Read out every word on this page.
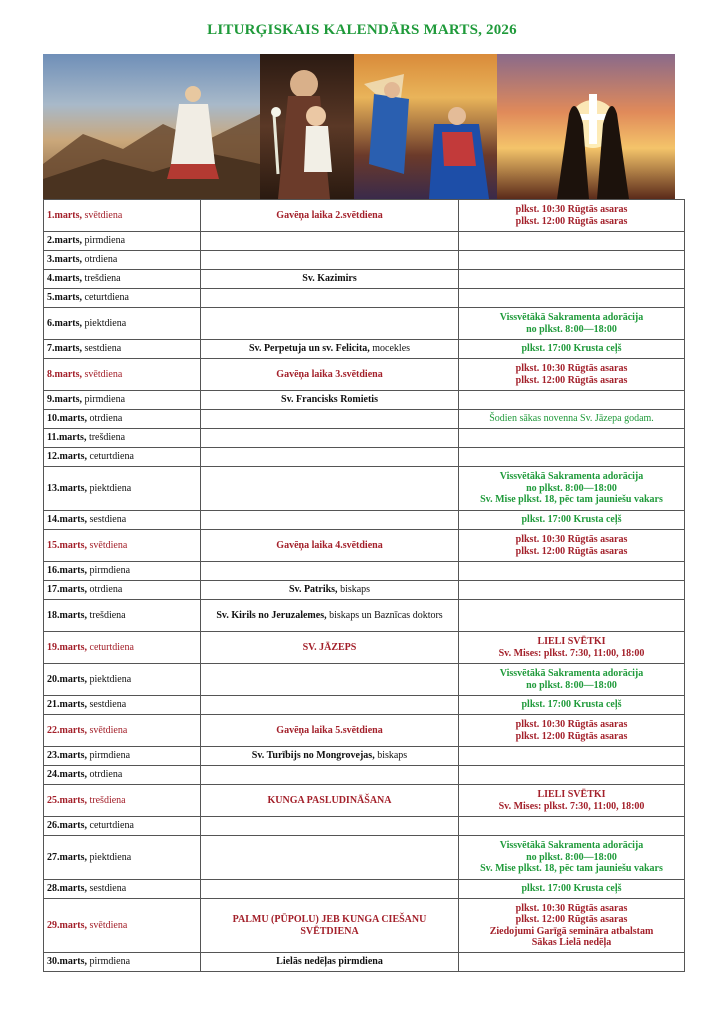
LITURĢISKAIS KALENDĀRS MARTS, 2026
1.marts, svētdiena	Gavēņa laika 2.svētdiena	plkst. 10:30 Rūgtās asaras
plkst. 12:00 Rūgtās asaras

2.marts, pirmdiena		
3.marts, otrdiena		
4.marts, trešdiena	Sv. Kazimirs	
5.marts, ceturtdiena		
6.marts, piektdiena		Vissvētākā Sakramenta adorācija
no plkst. 8:00—18:00

7.marts, sestdiena	Sv. Perpetuja un sv. Felicita, mocekles	plkst. 17:00 Krusta ceļš

8.marts, svētdiena	Gavēņa laika 3.svētdiena	plkst. 10:30 Rūgtās asaras
plkst. 12:00 Rūgtās asaras

9.marts, pirmdiena	Sv. Francisks Romietis	
10.marts, otrdiena		Šodien sākas novenna Sv. Jāzepa godam.

11.marts, trešdiena		
12.marts, ceturtdiena		
13.marts, piektdiena		Vissvētākā Sakramenta adorācija
no plkst. 8:00—18:00
Sv. Mise plkst. 18, pēc tam jauniešu vakars

14.marts, sestdiena		plkst. 17:00 Krusta ceļš

15.marts, svētdiena	Gavēņa laika 4.svētdiena	plkst. 10:30 Rūgtās asaras
plkst. 12:00 Rūgtās asaras

16.marts, pirmdiena		
17.marts, otrdiena	Sv. Patriks, biskaps	
18.marts, trešdiena	Sv. Kirils no Jeruzalemes, biskaps un Baznīcas doktors	
19.marts, ceturtdiena	SV. JĀZEPS	LIELI SVĒTKI
Sv. Mises: plkst. 7:30, 11:00, 18:00

20.marts, piektdiena		Vissvētākā Sakramenta adorācija
no plkst. 8:00—18:00

21.marts, sestdiena		plkst. 17:00 Krusta ceļš

22.marts, svētdiena	Gavēņa laika 5.svētdiena	plkst. 10:30 Rūgtās asaras
plkst. 12:00 Rūgtās asaras

23.marts, pirmdiena	Sv. Turībijs no Mongrovejas, biskaps	
24.marts, otrdiena		
25.marts, trešdiena	KUNGA PASLUDINĀŠANA	LIELI SVĒTKI
Sv. Mises: plkst. 7:30, 11:00, 18:00

26.marts, ceturtdiena		
27.marts, piektdiena		Vissvētākā Sakramenta adorācija
no plkst. 8:00—18:00
Sv. Mise plkst. 18, pēc tam jauniešu vakars

28.marts, sestdiena		plkst. 17:00 Krusta ceļš

29.marts, svētdiena	PALMU (PŪPOLU) JEB KUNGA CIEŠANU SVĒTDIENA	plkst. 10:30 Rūgtās asaras
plkst. 12:00 Rūgtās asaras
Ziedojumi Garīgā semināra atbalstam
Sākas Lielā nedēļa

30.marts, pirmdiena	Lielās nedēļas pirmdiena	
